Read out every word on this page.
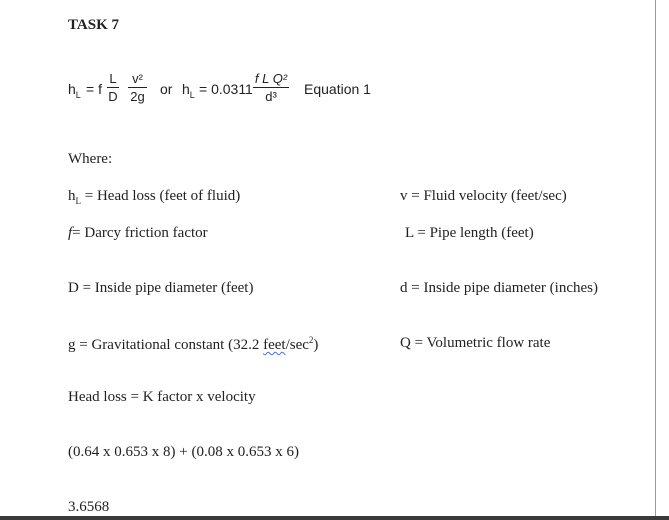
TASK 7
$h_L = f$
L
D
v²
2g or $h_L = 0.0311$
f L Q²
d³	Equation 1
Where:
$h_L$ = Head loss (feet of fluid)	v = Fluid velocity (feet/sec)
f= Darcy friction factor	L = Pipe length (feet)
D = Inside pipe diameter (feet)	d = Inside pipe diameter (inches)
g = Gravitational constant (32.2 feet/$\sec^2$)	Q = Volumetric flow rate
Head loss = K factor x velocity
(0.64 x 0.653 x 8) + (0.08 x 0.653 x 6)
3.6568
